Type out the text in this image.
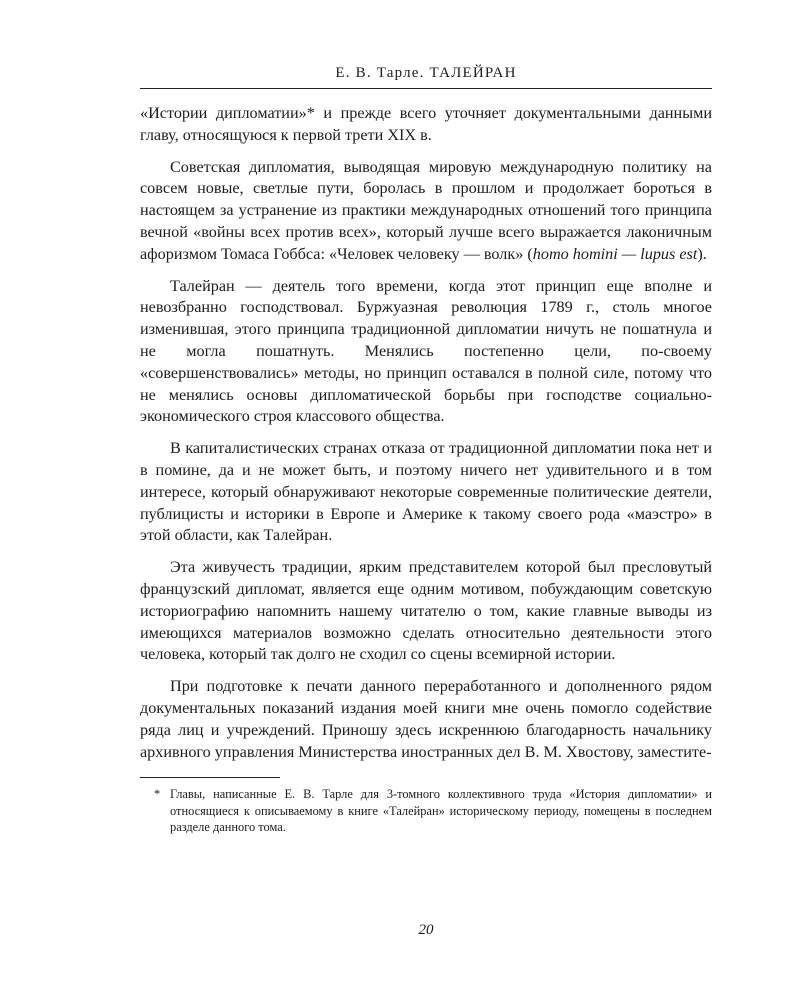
Е. В. Тарле. ТАЛЕЙРАН

«Истории дипломатии»* и прежде всего уточняет документальными данными главу, относящуюся к первой трети XIX в.

Советская дипломатия, выводящая мировую международную политику на совсем новые, светлые пути, боролась в прошлом и продолжает бороться в настоящем за устранение из практики международных отношений того принципа вечной «войны всех против всех», который лучше всего выражается лаконичным афоризмом Томаса Гоббса: «Человек человеку — волк» (homo homini — lupus est).

Талейран — деятель того времени, когда этот принцип еще вполне и невозбранно господствовал. Буржуазная революция 1789 г., столь многое изменившая, этого принципа традиционной дипломатии ничуть не пошатнула и не могла пошатнуть. Менялись постепенно цели, по-своему «совершенствовались» методы, но принцип оставался в полной силе, потому что не менялись основы дипломатической борьбы при господстве социально-экономического строя классового общества.

В капиталистических странах отказа от традиционной дипломатии пока нет и в помине, да и не может быть, и поэтому ничего нет удивительного и в том интересе, который обнаруживают некоторые современные политические деятели, публицисты и историки в Европе и Америке к такому своего рода «маэстро» в этой области, как Талейран.

Эта живучесть традиции, ярким представителем которой был пресловутый французский дипломат, является еще одним мотивом, побуждающим советскую историографию напомнить нашему читателю о том, какие главные выводы из имеющихся материалов возможно сделать относительно деятельности этого человека, который так долго не сходил со сцены всемирной истории.

При подготовке к печати данного переработанного и дополненного рядом документальных показаний издания моей книги мне очень помогло содействие ряда лиц и учреждений. Приношу здесь искреннюю благодарность начальнику архивного управления Министерства иностранных дел В. М. Хвостову, заместите-

* Главы, написанные Е. В. Тарле для 3-томного коллективного труда «История дипломатии» и относящиеся к описываемому в книге «Талейран» историческому периоду, помещены в последнем разделе данного тома.

20
